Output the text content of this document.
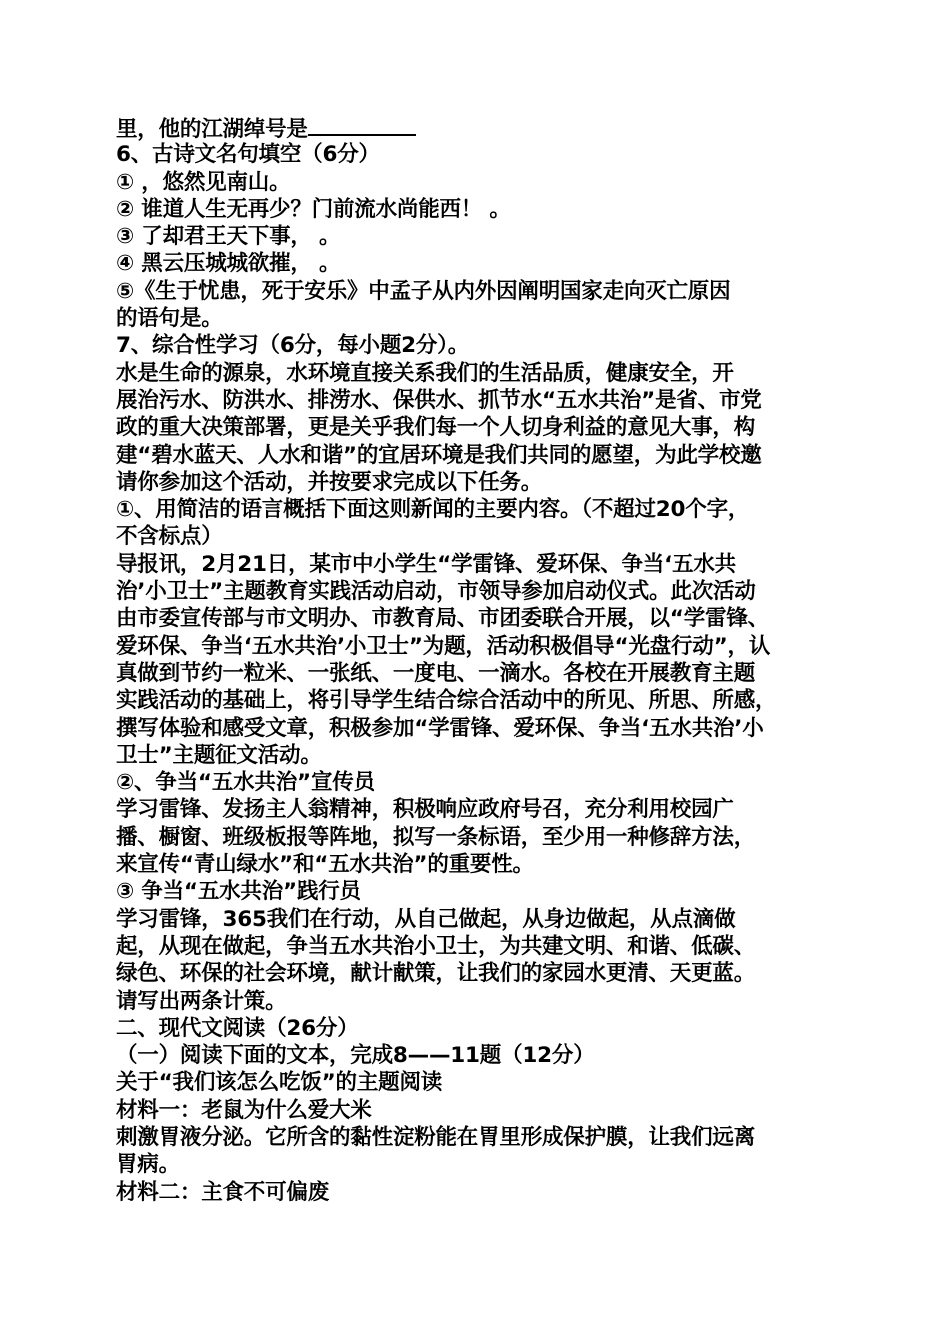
里，他的江湖绰号是
6、古诗文名句填空（6分）
① ，悠然见南山。
② 谁道人生无再少？门前流水尚能西！ 。
③ 了却君王天下事， 。
④ 黑云压城城欲摧， 。
⑤《生于忧患，死于安乐》中孟子从内外因阐明国家走向灭亡原因
的语句是。
7、综合性学习（6分，每小题2分）。
水是生命的源泉，水环境直接关系我们的生活品质，健康安全，开
展治污水、防洪水、排涝水、保供水、抓节水“五水共治”是省、市党
政的重大决策部署，更是关乎我们每一个人切身利益的意见大事，构
建“碧水蓝天、人水和谐”的宜居环境是我们共同的愿望，为此学校邀
请你参加这个活动，并按要求完成以下任务。
①、用简洁的语言概括下面这则新闻的主要内容。（不超过20个字，
不含标点）
导报讯，2月21日，某市中小学生“学雷锋、爱环保、争当‘五水共
治’小卫士”主题教育实践活动启动，市领导参加启动仪式。此次活动
由市委宣传部与市文明办、市教育局、市团委联合开展，以“学雷锋、
爱环保、争当‘五水共治’小卫士”为题，活动积极倡导“光盘行动”，认
真做到节约一粒米、一张纸、一度电、一滴水。各校在开展教育主题
实践活动的基础上，将引导学生结合综合活动中的所见、所思、所感，
撰写体验和感受文章，积极参加“学雷锋、爱环保、争当‘五水共治’小
卫士”主题征文活动。
②、争当“五水共治”宣传员
学习雷锋、发扬主人翁精神，积极响应政府号召，充分利用校园广
播、橱窗、班级板报等阵地，拟写一条标语，至少用一种修辞方法，
来宣传“青山绿水”和“五水共治”的重要性。
③ 争当“五水共治”践行员
学习雷锋，365我们在行动，从自己做起，从身边做起，从点滴做
起，从现在做起，争当五水共治小卫士，为共建文明、和谐、低碳、
绿色、环保的社会环境，献计献策，让我们的家园水更清、天更蓝。
请写出两条计策。
二、现代文阅读（26分）
（一）阅读下面的文本，完成8——11题（12分）
关于“我们该怎么吃饭”的主题阅读
材料一：老鼠为什么爱大米
刺激胃液分泌。它所含的黏性淀粉能在胃里形成保护膜，让我们远离
胃病。
材料二：主食不可偏废
